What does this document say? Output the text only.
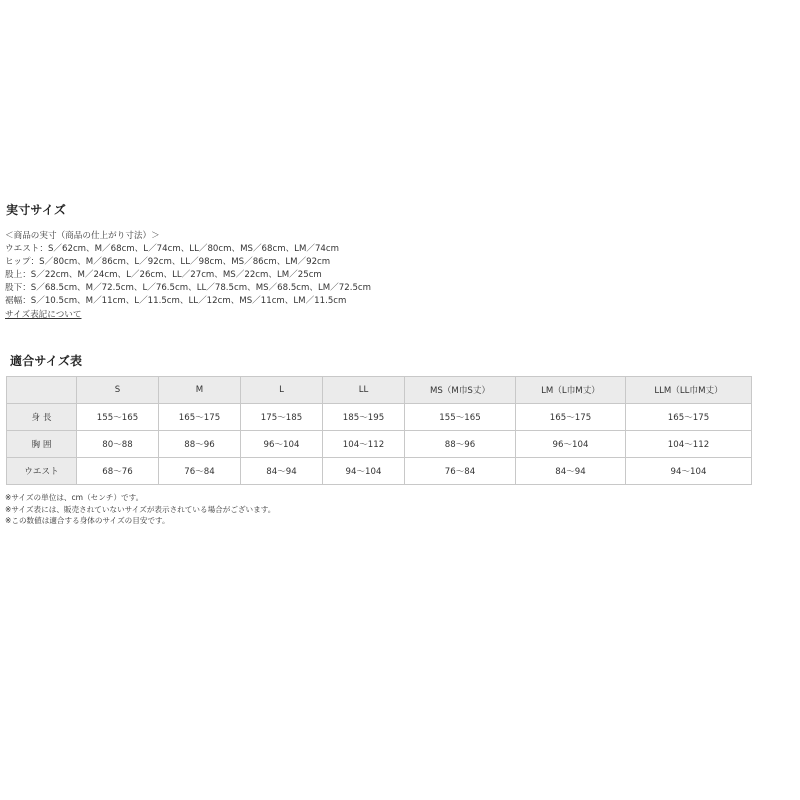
実寸サイズ
＜商品の実寸（商品の仕上がり寸法）＞
ウエスト：S／62cm、M／68cm、L／74cm、LL／80cm、MS／68cm、LM／74cm
ヒップ：S／80cm、M／86cm、L／92cm、LL／98cm、MS／86cm、LM／92cm
股上：S／22cm、M／24cm、L／26cm、LL／27cm、MS／22cm、LM／25cm
股下：S／68.5cm、M／72.5cm、L／76.5cm、LL／78.5cm、MS／68.5cm、LM／72.5cm
裾幅：S／10.5cm、M／11cm、L／11.5cm、LL／12cm、MS／11cm、LM／11.5cm
サイズ表記について
適合サイズ表
	S	M	L	LL	MS（M巾S丈）	LM（L巾M丈）	LLM（LL巾M丈）
身 長	155〜165	165〜175	175〜185	185〜195	155〜165	165〜175	165〜175
胸 囲	80〜88	88〜96	96〜104	104〜112	88〜96	96〜104	104〜112
ウエスト	68〜76	76〜84	84〜94	94〜104	76〜84	84〜94	94〜104
※サイズの単位は、cm（センチ）です。
※サイズ表には、販売されていないサイズが表示されている場合がございます。
※この数値は適合する身体のサイズの目安です。
